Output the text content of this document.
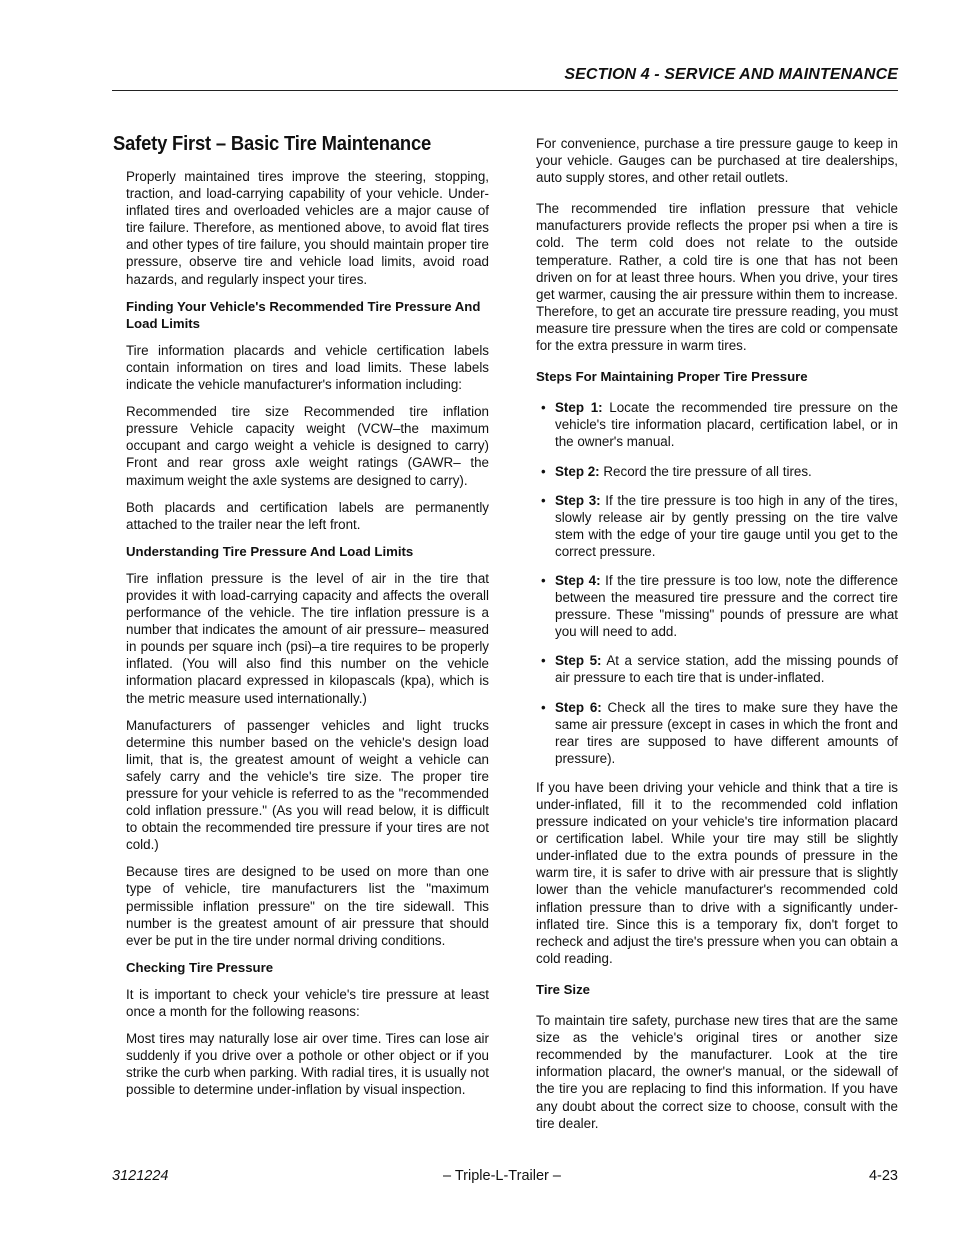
SECTION 4 - SERVICE AND MAINTENANCE
Safety First – Basic Tire Maintenance

Properly maintained tires improve the steering, stopping, traction, and load-carrying capability of your vehicle. Under-inflated tires and overloaded vehicles are a major cause of tire failure. Therefore, as mentioned above, to avoid flat tires and other types of tire failure, you should maintain proper tire pressure, observe tire and vehicle load limits, avoid road hazards, and regularly inspect your tires.

Finding Your Vehicle's Recommended Tire Pressure And Load Limits

Tire information placards and vehicle certification labels contain information on tires and load limits. These labels indicate the vehicle manufacturer's information including:

Recommended tire size Recommended tire inflation pressure Vehicle capacity weight (VCW–the maximum occupant and cargo weight a vehicle is designed to carry) Front and rear gross axle weight ratings (GAWR– the maximum weight the axle systems are designed to carry).

Both placards and certification labels are permanently attached to the trailer near the left front.

Understanding Tire Pressure And Load Limits

Tire inflation pressure is the level of air in the tire that provides it with load-carrying capacity and affects the overall performance of the vehicle. The tire inflation pressure is a number that indicates the amount of air pressure– measured in pounds per square inch (psi)–a tire requires to be properly inflated. (You will also find this number on the vehicle information placard expressed in kilopascals (kpa), which is the metric measure used internationally.)

Manufacturers of passenger vehicles and light trucks determine this number based on the vehicle's design load limit, that is, the greatest amount of weight a vehicle can safely carry and the vehicle's tire size. The proper tire pressure for your vehicle is referred to as the "recommended cold inflation pressure." (As you will read below, it is difficult to obtain the recommended tire pressure if your tires are not cold.)

Because tires are designed to be used on more than one type of vehicle, tire manufacturers list the "maximum permissible inflation pressure" on the tire sidewall. This number is the greatest amount of air pressure that should ever be put in the tire under normal driving conditions.

Checking Tire Pressure

It is important to check your vehicle's tire pressure at least once a month for the following reasons:

Most tires may naturally lose air over time. Tires can lose air suddenly if you drive over a pothole or other object or if you strike the curb when parking. With radial tires, it is usually not possible to determine under-inflation by visual inspection.

For convenience, purchase a tire pressure gauge to keep in your vehicle. Gauges can be purchased at tire dealerships, auto supply stores, and other retail outlets.

The recommended tire inflation pressure that vehicle manufacturers provide reflects the proper psi when a tire is cold. The term cold does not relate to the outside temperature. Rather, a cold tire is one that has not been driven on for at least three hours. When you drive, your tires get warmer, causing the air pressure within them to increase. Therefore, to get an accurate tire pressure reading, you must measure tire pressure when the tires are cold or compensate for the extra pressure in warm tires.

Steps For Maintaining Proper Tire Pressure
• Step 1: Locate the recommended tire pressure on the vehicle's tire information placard, certification label, or in the owner's manual.
• Step 2: Record the tire pressure of all tires.
• Step 3: If the tire pressure is too high in any of the tires, slowly release air by gently pressing on the tire valve stem with the edge of your tire gauge until you get to the correct pressure.
• Step 4: If the tire pressure is too low, note the difference between the measured tire pressure and the correct tire pressure. These "missing" pounds of pressure are what you will need to add.
• Step 5: At a service station, add the missing pounds of air pressure to each tire that is under-inflated.
• Step 6: Check all the tires to make sure they have the same air pressure (except in cases in which the front and rear tires are supposed to have different amounts of pressure).

If you have been driving your vehicle and think that a tire is under-inflated, fill it to the recommended cold inflation pressure indicated on your vehicle's tire information placard or certification label. While your tire may still be slightly under-inflated due to the extra pounds of pressure in the warm tire, it is safer to drive with air pressure that is slightly lower than the vehicle manufacturer's recommended cold inflation pressure than to drive with a significantly under-inflated tire. Since this is a temporary fix, don't forget to recheck and adjust the tire's pressure when you can obtain a cold reading.

Tire Size

To maintain tire safety, purchase new tires that are the same size as the vehicle's original tires or another size recommended by the manufacturer. Look at the tire information placard, the owner's manual, or the sidewall of the tire you are replacing to find this information. If you have any doubt about the correct size to choose, consult with the tire dealer.

3121224	– Triple-L-Trailer –	4-23
